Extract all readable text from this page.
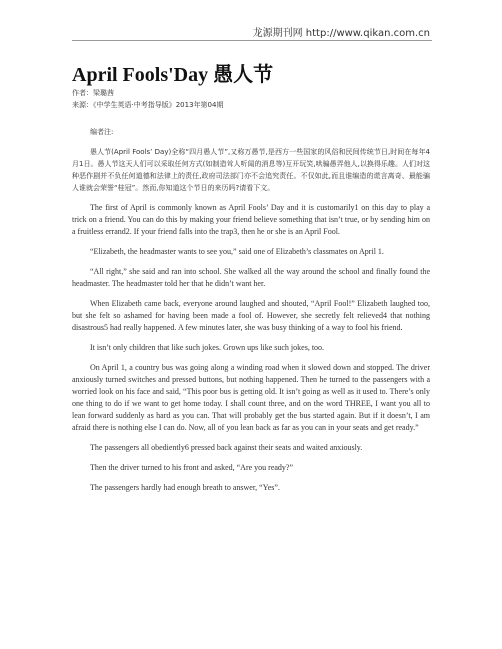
龙源期刊网 http://www.qikan.com.cn
April Fools'Day 愚人节
作者：梁璐茜
来源：《中学生英语·中考指导版》2013年第04期

编者注:

愚人节(April Fools’ Day)全称“四月愚人节”,又称万愚节,是西方一些国家的风俗和民间传统节日,时间在每年4月1日。愚人节这天人们可以采取任何方式(如制造耸人听闻的消息等)互开玩笑,哄骗愚弄他人,以换得乐趣。人们对这种恶作剧并不负任何道德和法律上的责任,政府司法部门亦不会追究责任。不仅如此,而且谁编造的谎言离奇、最能骗人谁就会荣誉“桂冠”。然而,你知道这个节日的来历吗?请看下文。

The first of April is commonly known as April Fools’ Day and it is customarily1 on this day to play a trick on a friend. You can do this by making your friend believe something that isn’t true, or by sending him on a fruitless errand2. If your friend falls into the trap3, then he or she is an April Fool.

“Elizabeth, the headmaster wants to see you,” said one of Elizabeth’s classmates on April 1.

“All right,” she said and ran into school. She walked all the way around the school and finally found the headmaster. The headmaster told her that he didn’t want her.

When Elizabeth came back, everyone around laughed and shouted, “April Fool!” Elizabeth laughed too, but she felt so ashamed for having been made a fool of. However, she secretly felt relieved4 that nothing disastrous5 had really happened. A few minutes later, she was busy thinking of a way to fool his friend.

It isn’t only children that like such jokes. Grown ups like such jokes, too.

On April 1, a country bus was going along a winding road when it slowed down and stopped. The driver anxiously turned switches and pressed buttons, but nothing happened. Then he turned to the passengers with a worried look on his face and said, “This poor bus is getting old. It isn’t going as well as it used to. There’s only one thing to do if we want to get home today. I shall count three, and on the word THREE, I want you all to lean forward suddenly as hard as you can. That will probably get the bus started again. But if it doesn’t, I am afraid there is nothing else I can do. Now, all of you lean back as far as you can in your seats and get ready.”

The passengers all obediently6 pressed back against their seats and waited anxiously.

Then the driver turned to his front and asked, “Are you ready?”

The passengers hardly had enough breath to answer, “Yes”.
